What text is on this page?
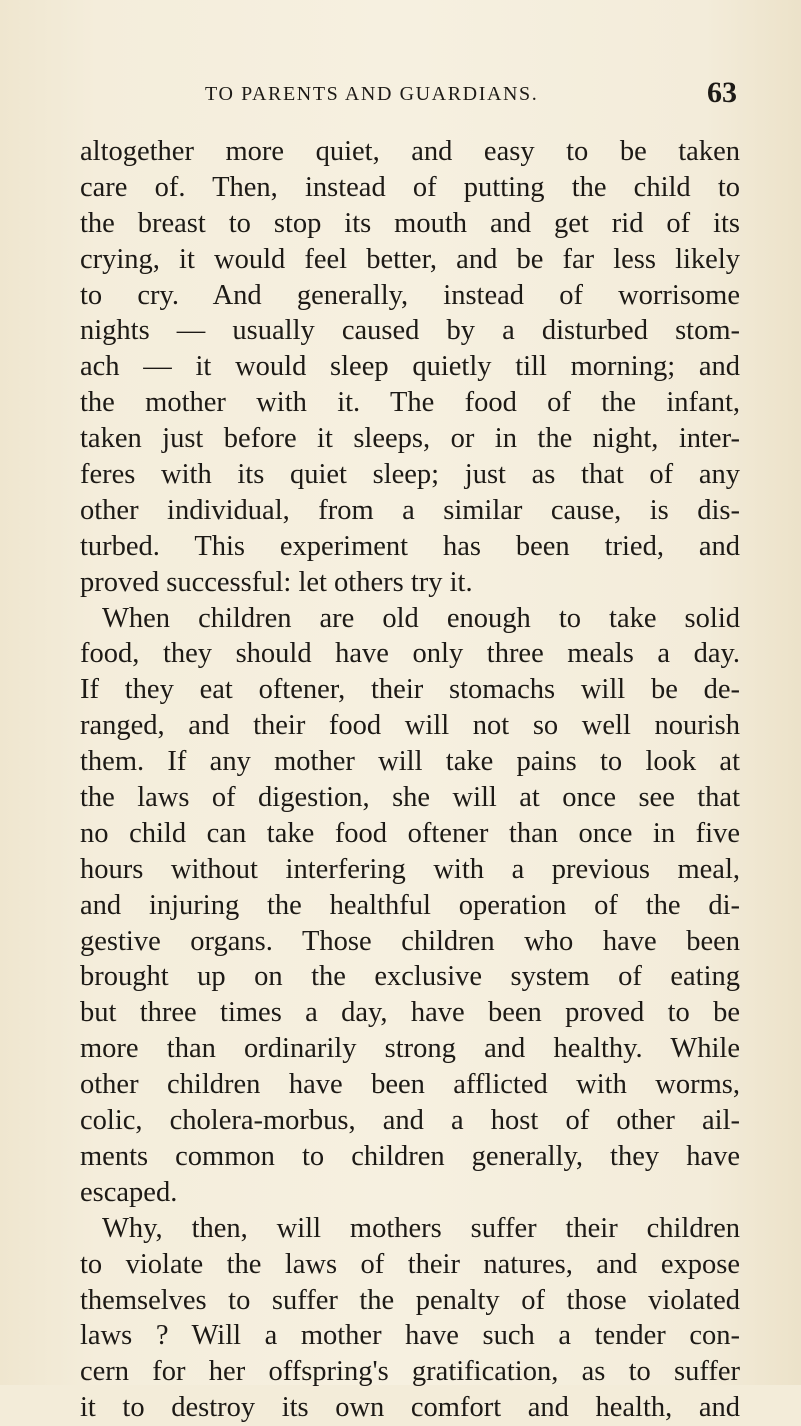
TO PARENTS AND GUARDIANS.	63
altogether more quiet, and easy to be taken
care of. Then, instead of putting the child to
the breast to stop its mouth and get rid of its
crying, it would feel better, and be far less likely
to cry. And generally, instead of worrisome
nights — usually caused by a disturbed stom-
ach — it would sleep quietly till morning; and
the mother with it. The food of the infant,
taken just before it sleeps, or in the night, inter-
feres with its quiet sleep; just as that of any
other individual, from a similar cause, is dis-
turbed. This experiment has been tried, and
proved successful: let others try it.
When children are old enough to take solid
food, they should have only three meals a day.
If they eat oftener, their stomachs will be de-
ranged, and their food will not so well nourish
them. If any mother will take pains to look at
the laws of digestion, she will at once see that
no child can take food oftener than once in five
hours without interfering with a previous meal,
and injuring the healthful operation of the di-
gestive organs. Those children who have been
brought up on the exclusive system of eating
but three times a day, have been proved to be
more than ordinarily strong and healthy. While
other children have been afflicted with worms,
colic, cholera-morbus, and a host of other ail-
ments common to children generally, they have
escaped.
Why, then, will mothers suffer their children
to violate the laws of their natures, and expose
themselves to suffer the penalty of those violated
laws ? Will a mother have such a tender con-
cern for her offspring's gratification, as to suffer
it to destroy its own comfort and health, and
